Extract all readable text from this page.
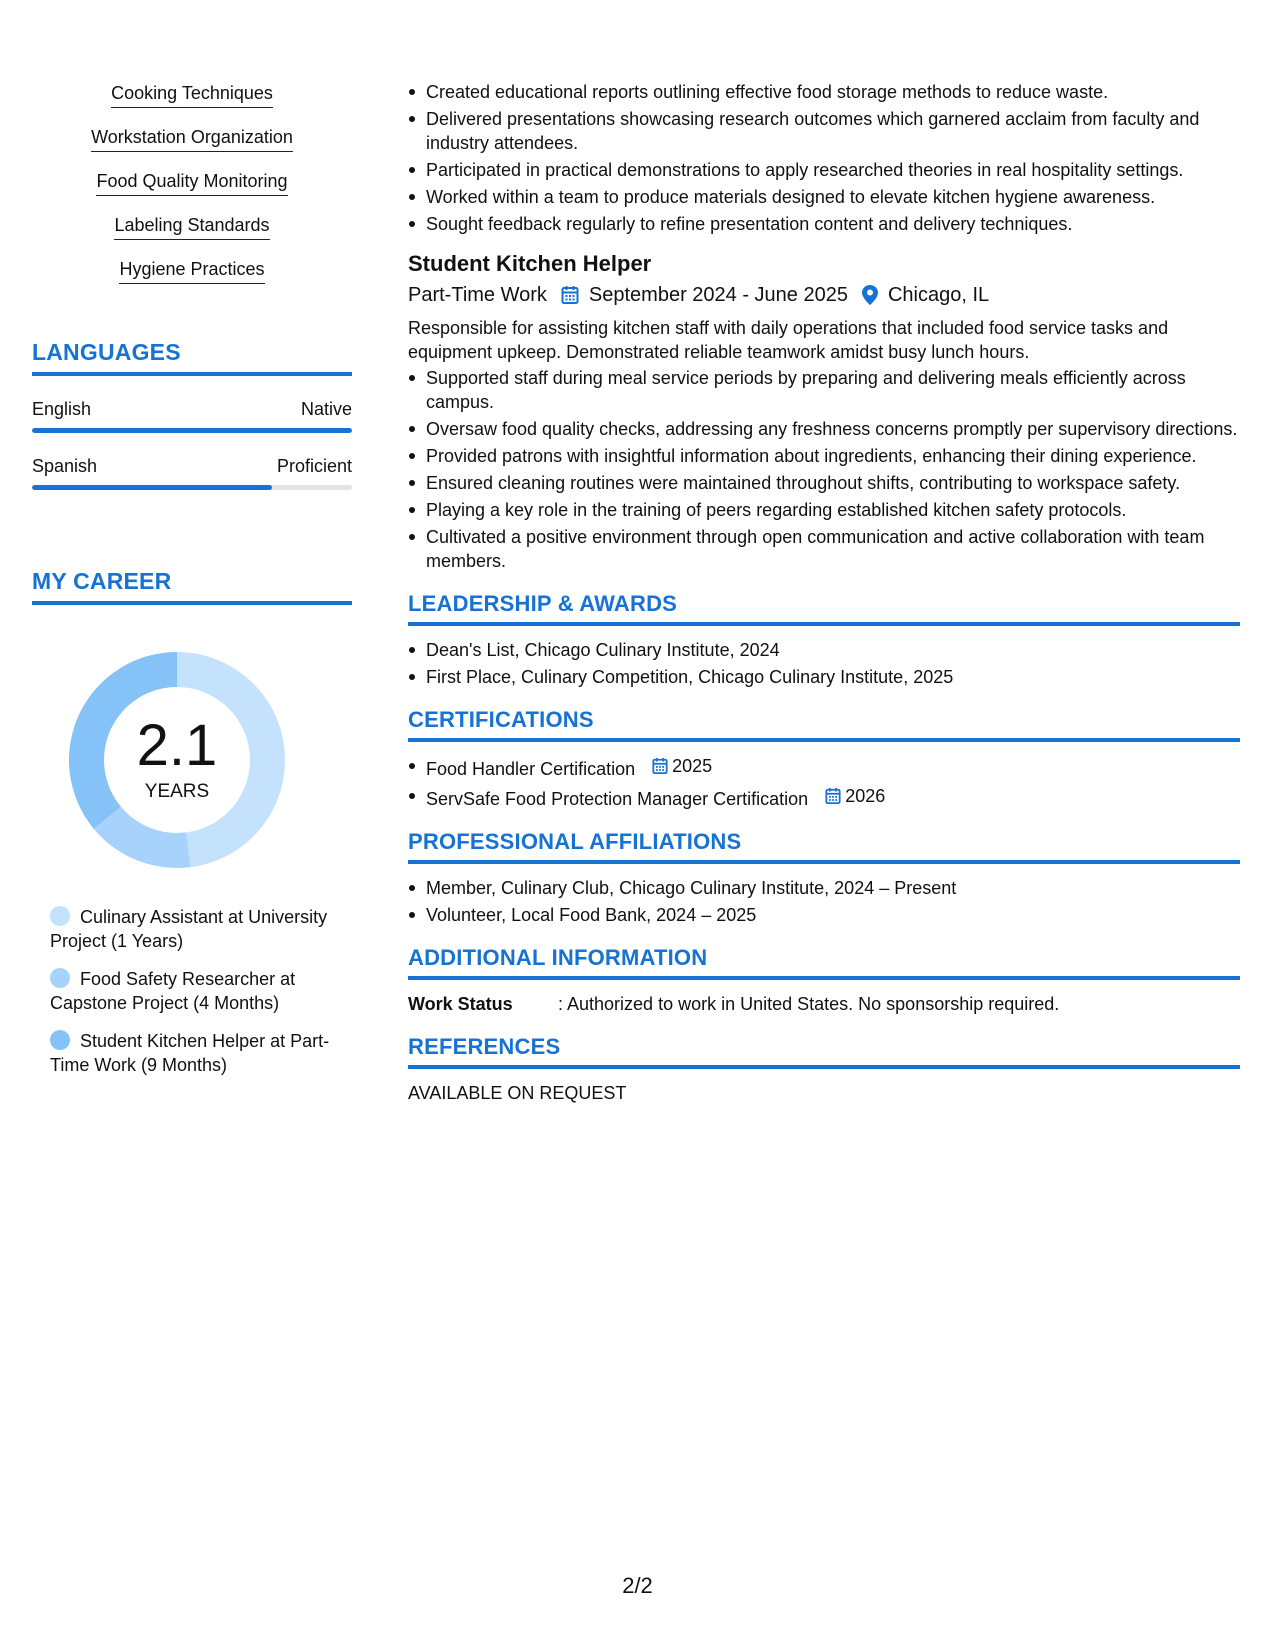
Cooking Techniques
Workstation Organization
Food Quality Monitoring
Labeling Standards
Hygiene Practices
LANGUAGES
English	Native
Spanish	Proficient
MY CAREER
2.1
YEARS
Culinary Assistant at University Project (1 Years)
Food Safety Researcher at Capstone Project (4 Months)
Student Kitchen Helper at Part-Time Work (9 Months)
Created educational reports outlining effective food storage methods to reduce waste.
Delivered presentations showcasing research outcomes which garnered acclaim from faculty and industry attendees.
Participated in practical demonstrations to apply researched theories in real hospitality settings.
Worked within a team to produce materials designed to elevate kitchen hygiene awareness.
Sought feedback regularly to refine presentation content and delivery techniques.
Student Kitchen Helper
Part-Time Work September 2024 - June 2025 Chicago, IL
Responsible for assisting kitchen staff with daily operations that included food service tasks and equipment upkeep. Demonstrated reliable teamwork amidst busy lunch hours.
Supported staff during meal service periods by preparing and delivering meals efficiently across campus.
Oversaw food quality checks, addressing any freshness concerns promptly per supervisory directions.
Provided patrons with insightful information about ingredients, enhancing their dining experience.
Ensured cleaning routines were maintained throughout shifts, contributing to workspace safety.
Playing a key role in the training of peers regarding established kitchen safety protocols.
Cultivated a positive environment through open communication and active collaboration with team members.
LEADERSHIP & AWARDS
Dean's List, Chicago Culinary Institute, 2024
First Place, Culinary Competition, Chicago Culinary Institute, 2025
CERTIFICATIONS
Food Handler Certification 2025
ServSafe Food Protection Manager Certification 2026
PROFESSIONAL AFFILIATIONS
Member, Culinary Club, Chicago Culinary Institute, 2024 – Present
Volunteer, Local Food Bank, 2024 – 2025
ADDITIONAL INFORMATION
Work Status	: Authorized to work in United States. No sponsorship required.
REFERENCES
AVAILABLE ON REQUEST
2/2
